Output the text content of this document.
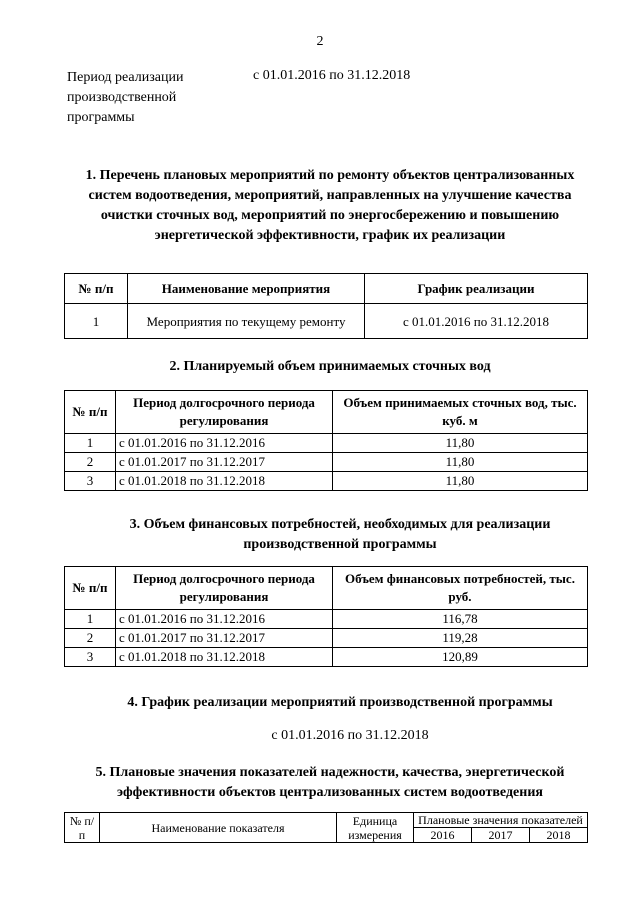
2
Период реализации производственной программы
с 01.01.2016 по 31.12.2018
1. Перечень плановых мероприятий по ремонту объектов централизованных систем водоотведения, мероприятий, направленных на улучшение качества очистки сточных вод, мероприятий по энергосбережению и повышению энергетической эффективности, график их реализации
№ п/п	Наименование мероприятия	График реализации
1	Мероприятия по текущему ремонту	с 01.01.2016 по 31.12.2018
2. Планируемый объем принимаемых сточных вод
№ п/п	Период долгосрочного периода регулирования	Объем принимаемых сточных вод, тыс. куб. м
1	с 01.01.2016 по 31.12.2016	11,80
2	с 01.01.2017 по 31.12.2017	11,80
3	с 01.01.2018 по 31.12.2018	11,80
3. Объем финансовых потребностей, необходимых для реализации производственной программы
№ п/п	Период долгосрочного периода регулирования	Объем финансовых потребностей, тыс. руб.
1	с 01.01.2016 по 31.12.2016	116,78
2	с 01.01.2017 по 31.12.2017	119,28
3	с 01.01.2018 по 31.12.2018	120,89
4. График реализации мероприятий производственной программы
с 01.01.2016 по 31.12.2018
5. Плановые значения показателей надежности, качества, энергетической эффективности объектов централизованных систем водоотведения
№ п/п	Наименование показателя	Единица измерения	Плановые значения показателей		
			2016	2017	2018
